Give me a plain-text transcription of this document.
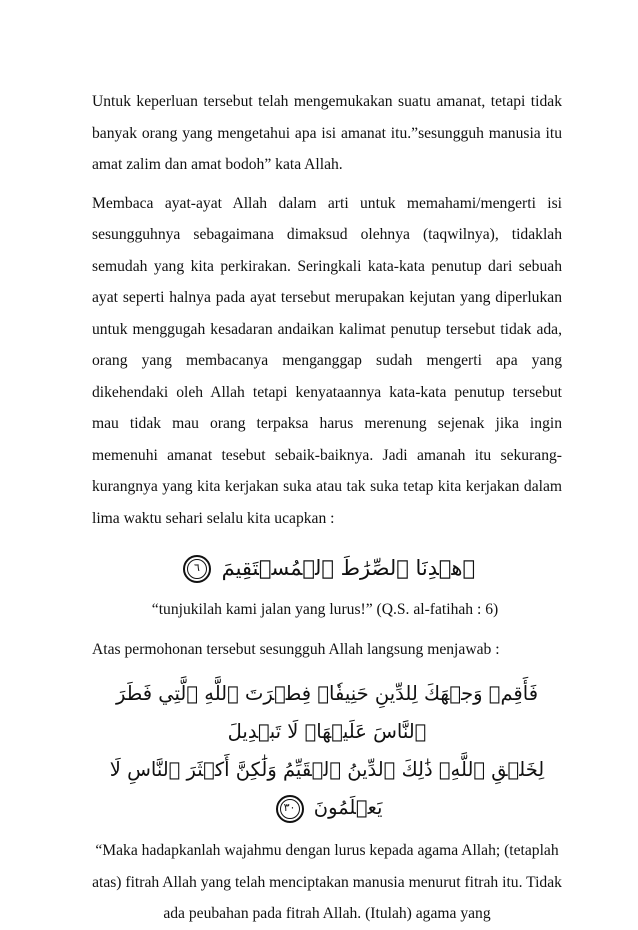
Untuk keperluan tersebut telah mengemukakan suatu amanat, tetapi tidak banyak orang yang mengetahui apa isi amanat itu.”sesungguh manusia itu amat zalim dan amat bodoh” kata Allah.

Membaca ayat-ayat Allah dalam arti untuk memahami/mengerti isi sesungguhnya sebagaimana dimaksud olehnya (taqwilnya), tidaklah semudah yang kita perkirakan. Seringkali kata-kata penutup dari sebuah ayat seperti halnya pada ayat tersebut merupakan kejutan yang diperlukan untuk menggugah kesadaran andaikan kalimat penutup tersebut tidak ada, orang yang membacanya menganggap sudah mengerti apa yang dikehendaki oleh Allah tetapi kenyataannya kata-kata penutup tersebut mau tidak mau orang terpaksa harus merenung sejenak jika ingin memenuhi amanat tesebut sebaik-baiknya. Jadi amanah itu sekurang-kurangnya yang kita kerjakan suka atau tak suka tetap kita kerjakan dalam lima waktu sehari selalu kita ucapkan :

ٱهۡدِنَا ٱلصِّرَٰطَ ٱلۡمُسۡتَقِيمَ ٦

“tunjukilah kami jalan yang lurus!” (Q.S. al-fatihah : 6)

Atas permohonan tersebut sesungguh Allah langsung menjawab :

فَأَقِمۡ وَجۡهَكَ لِلدِّينِ حَنِيفٗاۚ فِطۡرَتَ ٱللَّهِ ٱلَّتِي فَطَرَ ٱلنَّاسَ عَلَيۡهَاۚ لَا تَبۡدِيلَ
لِخَلۡقِ ٱللَّهِۚ ذَٰلِكَ ٱلدِّينُ ٱلۡقَيِّمُ وَلَٰكِنَّ أَكۡثَرَ ٱلنَّاسِ لَا يَعۡلَمُونَ ٣٠

“Maka hadapkanlah wajahmu dengan lurus kepada agama Allah; (tetaplah atas) fitrah Allah yang telah menciptakan manusia menurut fitrah itu. Tidak ada peubahan pada fitrah Allah. (Itulah) agama yang
